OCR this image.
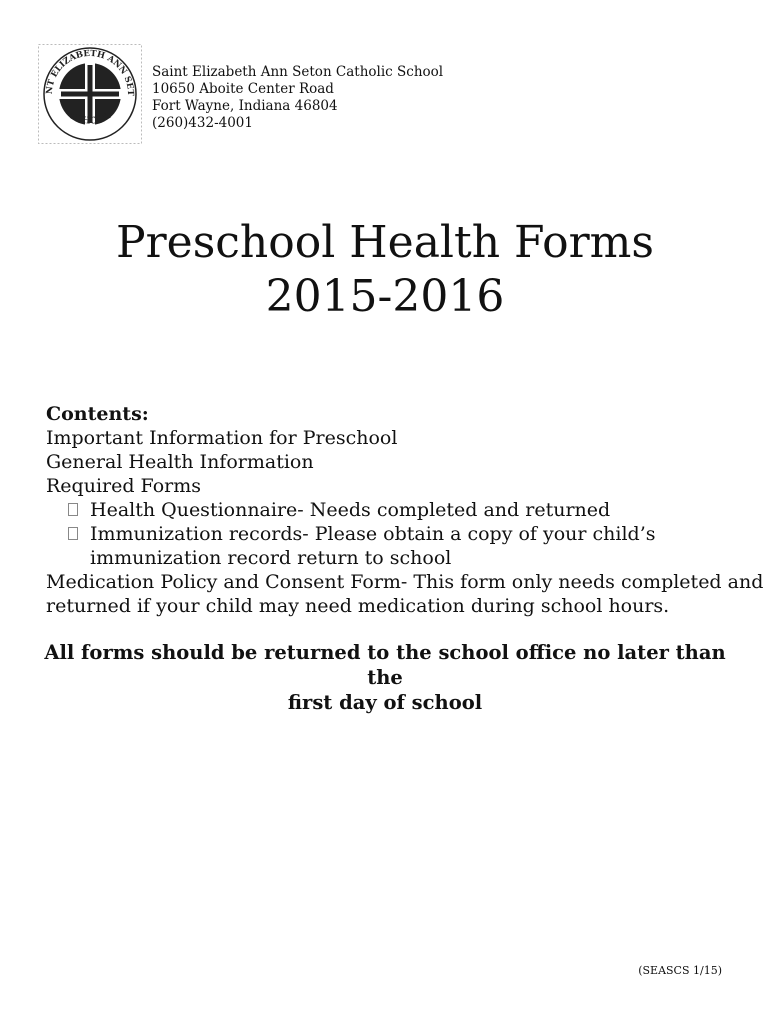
NT ELIZABETH ANN SET
SCHOOL
Saint Elizabeth Ann Seton Catholic School
10650 Aboite Center Road
Fort Wayne, Indiana 46804
(260)432-4001
Preschool Health Forms
2015-2016
Contents:
Important Information for Preschool
General Health Information
Required Forms
Health Questionnaire- Needs completed and returned
Immunization records- Please obtain a copy of your child’s
immunization record return to school
Medication Policy and Consent Form- This form only needs completed and
returned if your child may need medication during school hours.
All forms should be returned to the school office no later than the
first day of school
(SEASCS 1/15)
